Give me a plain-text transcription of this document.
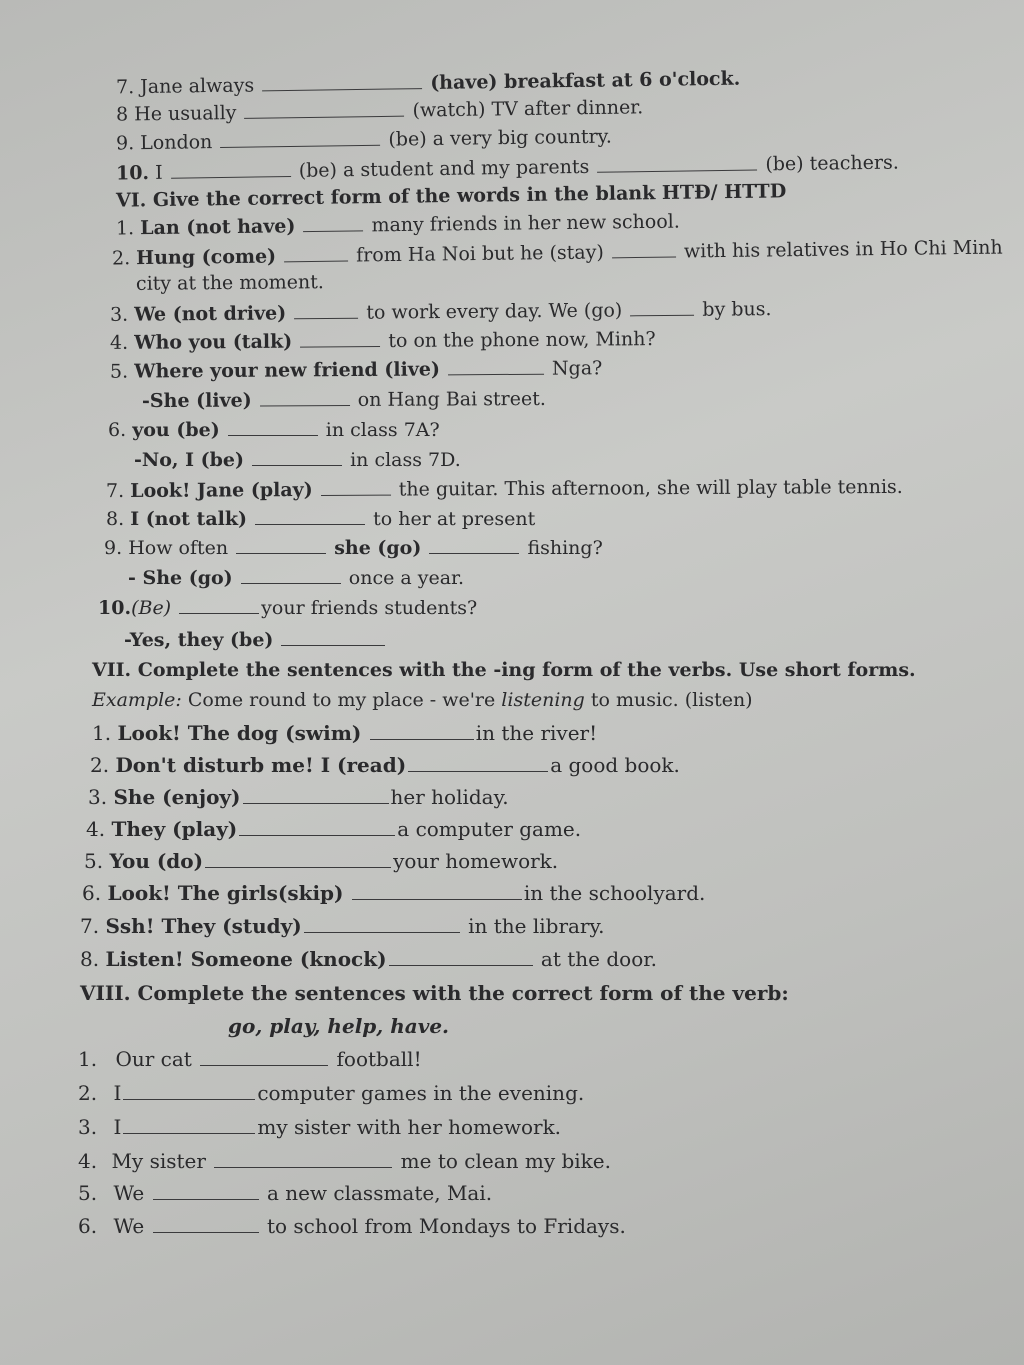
7. Jane always	(have) breakfast at 6 o'clock.
8 He usually	(watch) TV after dinner.
9. London	(be) a very big country.
10. I	(be) a student and my parents	(be) teachers.
VI. Give the correct form of the words in the blank HTĐ/ HTTD
1. Lan (not have)	many friends in her new school.
2. Hung (come)	from Ha Noi but he (stay)	with his relatives in Ho Chi Minh
city at the moment.
3. We (not drive)	to work every day. We (go)	by bus.
4. Who you (talk)	to on the phone now, Minh?
5. Where your new friend (live)	Nga?
-She (live)	on Hang Bai street.
6. you (be)	in class 7A?
-No, I (be)	in class 7D.
7. Look! Jane (play)	the guitar. This afternoon, she will play table tennis.
8. I (not talk)	to her at present
9. How often	she (go)	fishing?
- She (go)	once a year.
10.(Be)	your friends students?
-Yes, they (be)
VII. Complete the sentences with the -ing form of the verbs. Use short forms.
Example: Come round to my place - we're listening to music. (listen)
1. Look! The dog (swim)	in the river!
2. Don't disturb me! I (read)	a good book.
3. She (enjoy)	her holiday.
4. They (play)	a computer game.
5. You (do)	your homework.
6. Look! The girls(skip)	in the schoolyard.
7. Ssh! They (study)	in the library.
8. Listen! Someone (knock)	at the door.
VIII. Complete the sentences with the correct form of the verb:
go, play, help, have.
1. Our cat	football!
2. I	computer games in the evening.
3. I	my sister with her homework.
4. My sister	me to clean my bike.
5. We	a new classmate, Mai.
6. We	to school from Mondays to Fridays.
